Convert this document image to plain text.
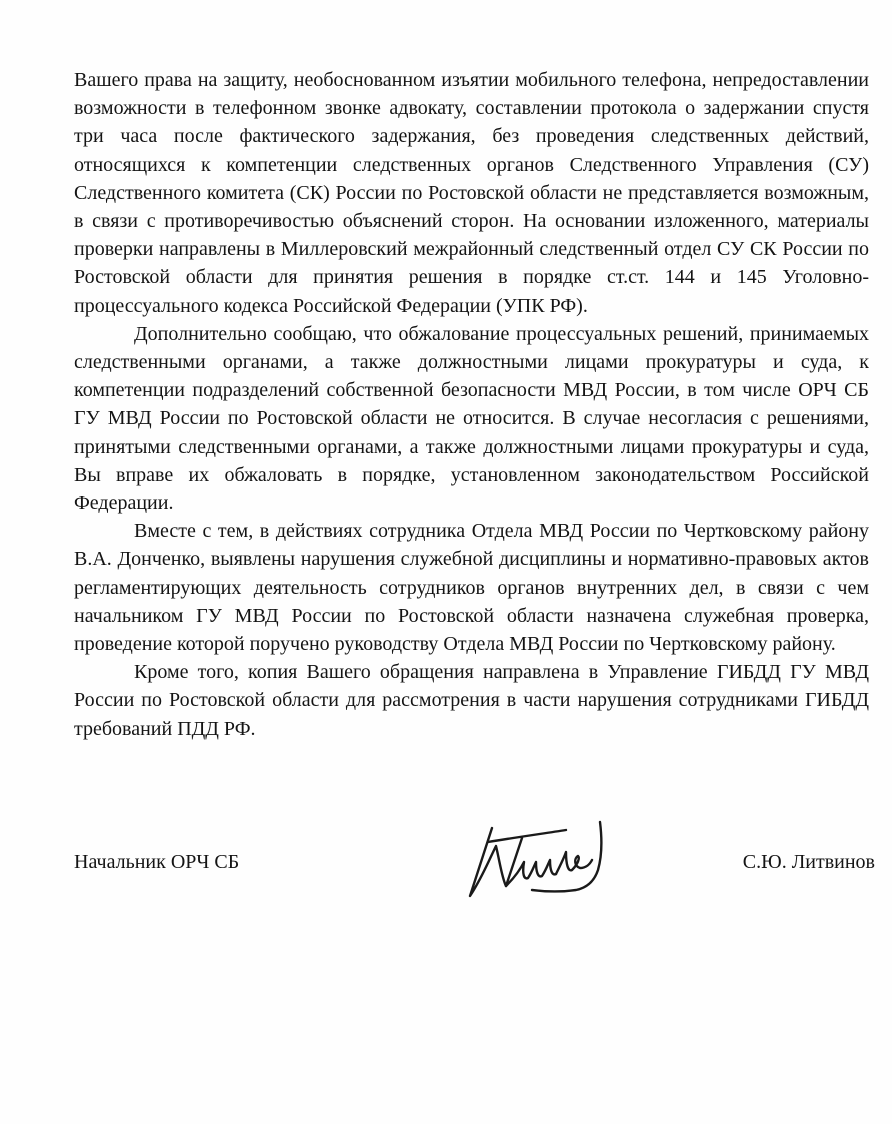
Вашего права на защиту, необоснованном изъятии мобильного телефона, непредоставлении возможности в телефонном звонке адвокату, составлении протокола о задержании спустя три часа после фактического задержания, без проведения следственных действий, относящихся к компетенции следственных органов Следственного Управления (СУ) Следственного комитета (СК) России по Ростовской области не представляется возможным, в связи с противоречивостью объяснений сторон. На основании изложенного, материалы проверки направлены в Миллеровский межрайонный следственный отдел СУ СК России по Ростовской области для принятия решения в порядке ст.ст. 144 и 145 Уголовно-процессуального кодекса Российской Федерации (УПК РФ).

Дополнительно сообщаю, что обжалование процессуальных решений, принимаемых следственными органами, а также должностными лицами прокуратуры и суда, к компетенции подразделений собственной безопасности МВД России, в том числе ОРЧ СБ ГУ МВД России по Ростовской области не относится. В случае несогласия с решениями, принятыми следственными органами, а также должностными лицами прокуратуры и суда, Вы вправе их обжаловать в порядке, установленном законодательством Российской Федерации.

Вместе с тем, в действиях сотрудника Отдела МВД России по Чертковскому району В.А. Донченко, выявлены нарушения служебной дисциплины и нормативно-правовых актов регламентирующих деятельность сотрудников органов внутренних дел, в связи с чем начальником ГУ МВД России по Ростовской области назначена служебная проверка, проведение которой поручено руководству Отдела МВД России по Чертковскому району.

Кроме того, копия Вашего обращения направлена в Управление ГИБДД ГУ МВД России по Ростовской области для рассмотрения в части нарушения сотрудниками ГИБДД требований ПДД РФ.

Начальник ОРЧ СБ	С.Ю. Литвинов
